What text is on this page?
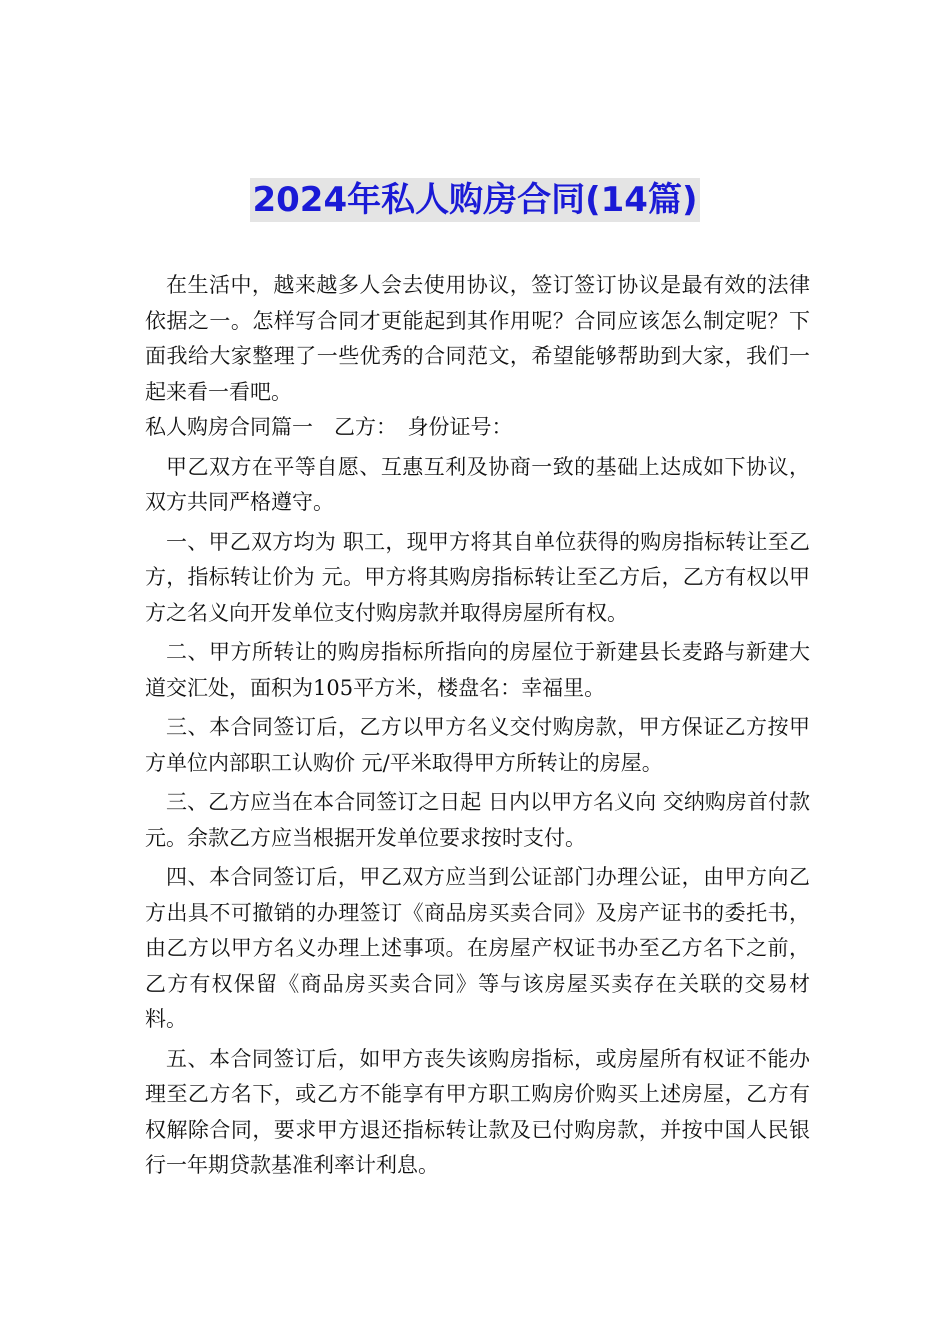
2024年私人购房合同(14篇)

在生活中，越来越多人会去使用协议，签订签订协议是最有效的法律依据之一。怎样写合同才更能起到其作用呢？合同应该怎么制定呢？下面我给大家整理了一些优秀的合同范文，希望能够帮助到大家，我们一起来看一看吧。

私人购房合同篇一　乙方：　身份证号：

甲乙双方在平等自愿、互惠互利及协商一致的基础上达成如下协议，双方共同严格遵守。

一、甲乙双方均为 职工，现甲方将其自单位获得的购房指标转让至乙方，指标转让价为 元。甲方将其购房指标转让至乙方后，乙方有权以甲方之名义向开发单位支付购房款并取得房屋所有权。

二、甲方所转让的购房指标所指向的房屋位于新建县长麦路与新建大道交汇处，面积为105平方米，楼盘名：幸福里。

三、本合同签订后，乙方以甲方名义交付购房款，甲方保证乙方按甲方单位内部职工认购价 元/平米取得甲方所转让的房屋。

三、乙方应当在本合同签订之日起 日内以甲方名义向 交纳购房首付款 元。余款乙方应当根据开发单位要求按时支付。

四、本合同签订后，甲乙双方应当到公证部门办理公证，由甲方向乙方出具不可撤销的办理签订《商品房买卖合同》及房产证书的委托书，由乙方以甲方名义办理上述事项。在房屋产权证书办至乙方名下之前，乙方有权保留《商品房买卖合同》等与该房屋买卖存在关联的交易材料。

五、本合同签订后，如甲方丧失该购房指标，或房屋所有权证不能办理至乙方名下，或乙方不能享有甲方职工购房价购买上述房屋，乙方有权解除合同，要求甲方退还指标转让款及已付购房款，并按中国人民银行一年期贷款基准利率计利息。
